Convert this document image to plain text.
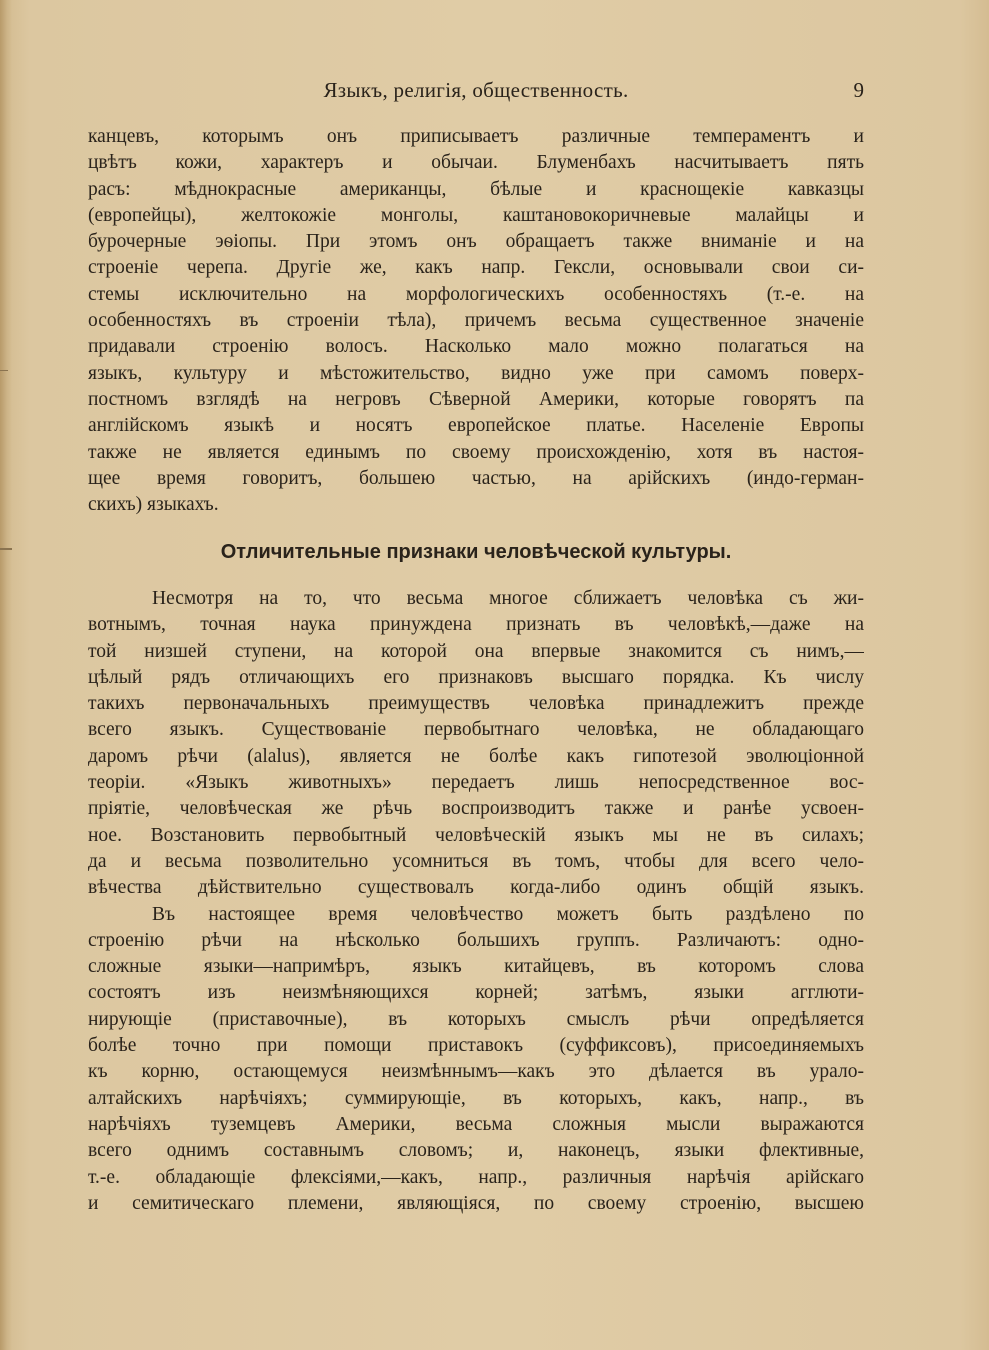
Языкъ, религія, общественность.	9
канцевъ, которымъ онъ приписываетъ различные темпераментъ и
цвѣтъ кожи, характеръ и обычаи. Блуменбахъ насчитываетъ пять
расъ: мѣднокрасные американцы, бѣлые и краснощекіе кавказцы
(европейцы), желтокожіе монголы, каштановокоричневые малайцы и
бурочерные эѳіопы. При этомъ онъ обращаетъ также вниманіе и на
строеніе черепа. Другіе же, какъ напр. Гексли, основывали свои си-
стемы исключительно на морфологическихъ особенностяхъ (т.-е. на
особенностяхъ въ строеніи тѣла), причемъ весьма существенное значеніе
придавали строенію волосъ. Насколько мало можно полагаться на
языкъ, культуру и мѣстожительство, видно уже при самомъ поверх-
постномъ взглядѣ на негровъ Сѣверной Америки, которые говорятъ па
англійскомъ языкѣ и носятъ европейское платье. Населеніе Европы
также не является единымъ по своему происхожденію, хотя въ настоя-
щее время говоритъ, большею частью, на арійскихъ (индо-герман-
скихъ) языкахъ.
Отличительные признаки человѣческой культуры.
Несмотря на то, что весьма многое сближаетъ человѣка съ жи-
вотнымъ, точная наука принуждена признать въ человѣкѣ,—даже на
той низшей ступени, на которой она впервые знакомится съ нимъ,—
цѣлый рядъ отличающихъ его признаковъ высшаго порядка. Къ числу
такихъ первоначальныхъ преимуществъ человѣка принадлежитъ прежде
всего языкъ. Существованіе первобытнаго человѣка, не обладающаго
даромъ рѣчи (alalus), является не болѣе какъ гипотезой эволюціонной
теоріи. «Языкъ животныхъ» передаетъ лишь непосредственное вос-
пріятіе, человѣческая же рѣчь воспроизводитъ также и ранѣе усвоен-
ное. Возстановить первобытный человѣческій языкъ мы не въ силахъ;
да и весьма позволительно усомниться въ томъ, чтобы для всего чело-
вѣчества дѣйствительно существовалъ когда-либо одинъ общій языкъ.
Въ настоящее время человѣчество можетъ быть раздѣлено по
строенію рѣчи на нѣсколько большихъ группъ. Различаютъ: одно-
сложные языки—напримѣръ, языкъ китайцевъ, въ которомъ слова
состоятъ изъ неизмѣняющихся корней; затѣмъ, языки агглюти-
нирующіе (приставочные), въ которыхъ смыслъ рѣчи опредѣляется
болѣе точно при помощи приставокъ (суффиксовъ), присоединяемыхъ
къ корню, остающемуся неизмѣннымъ—какъ это дѣлается въ урало-
алтайскихъ нарѣчіяхъ; суммирующіе, въ которыхъ, какъ, напр., въ
нарѣчіяхъ туземцевъ Америки, весьма сложныя мысли выражаются
всего однимъ составнымъ словомъ; и, наконецъ, языки флективные,
т.-е. обладающіе флексіями,—какъ, напр., различныя нарѣчія арійскаго
и семитическаго племени, являющіяся, по своему строенію, высшею
